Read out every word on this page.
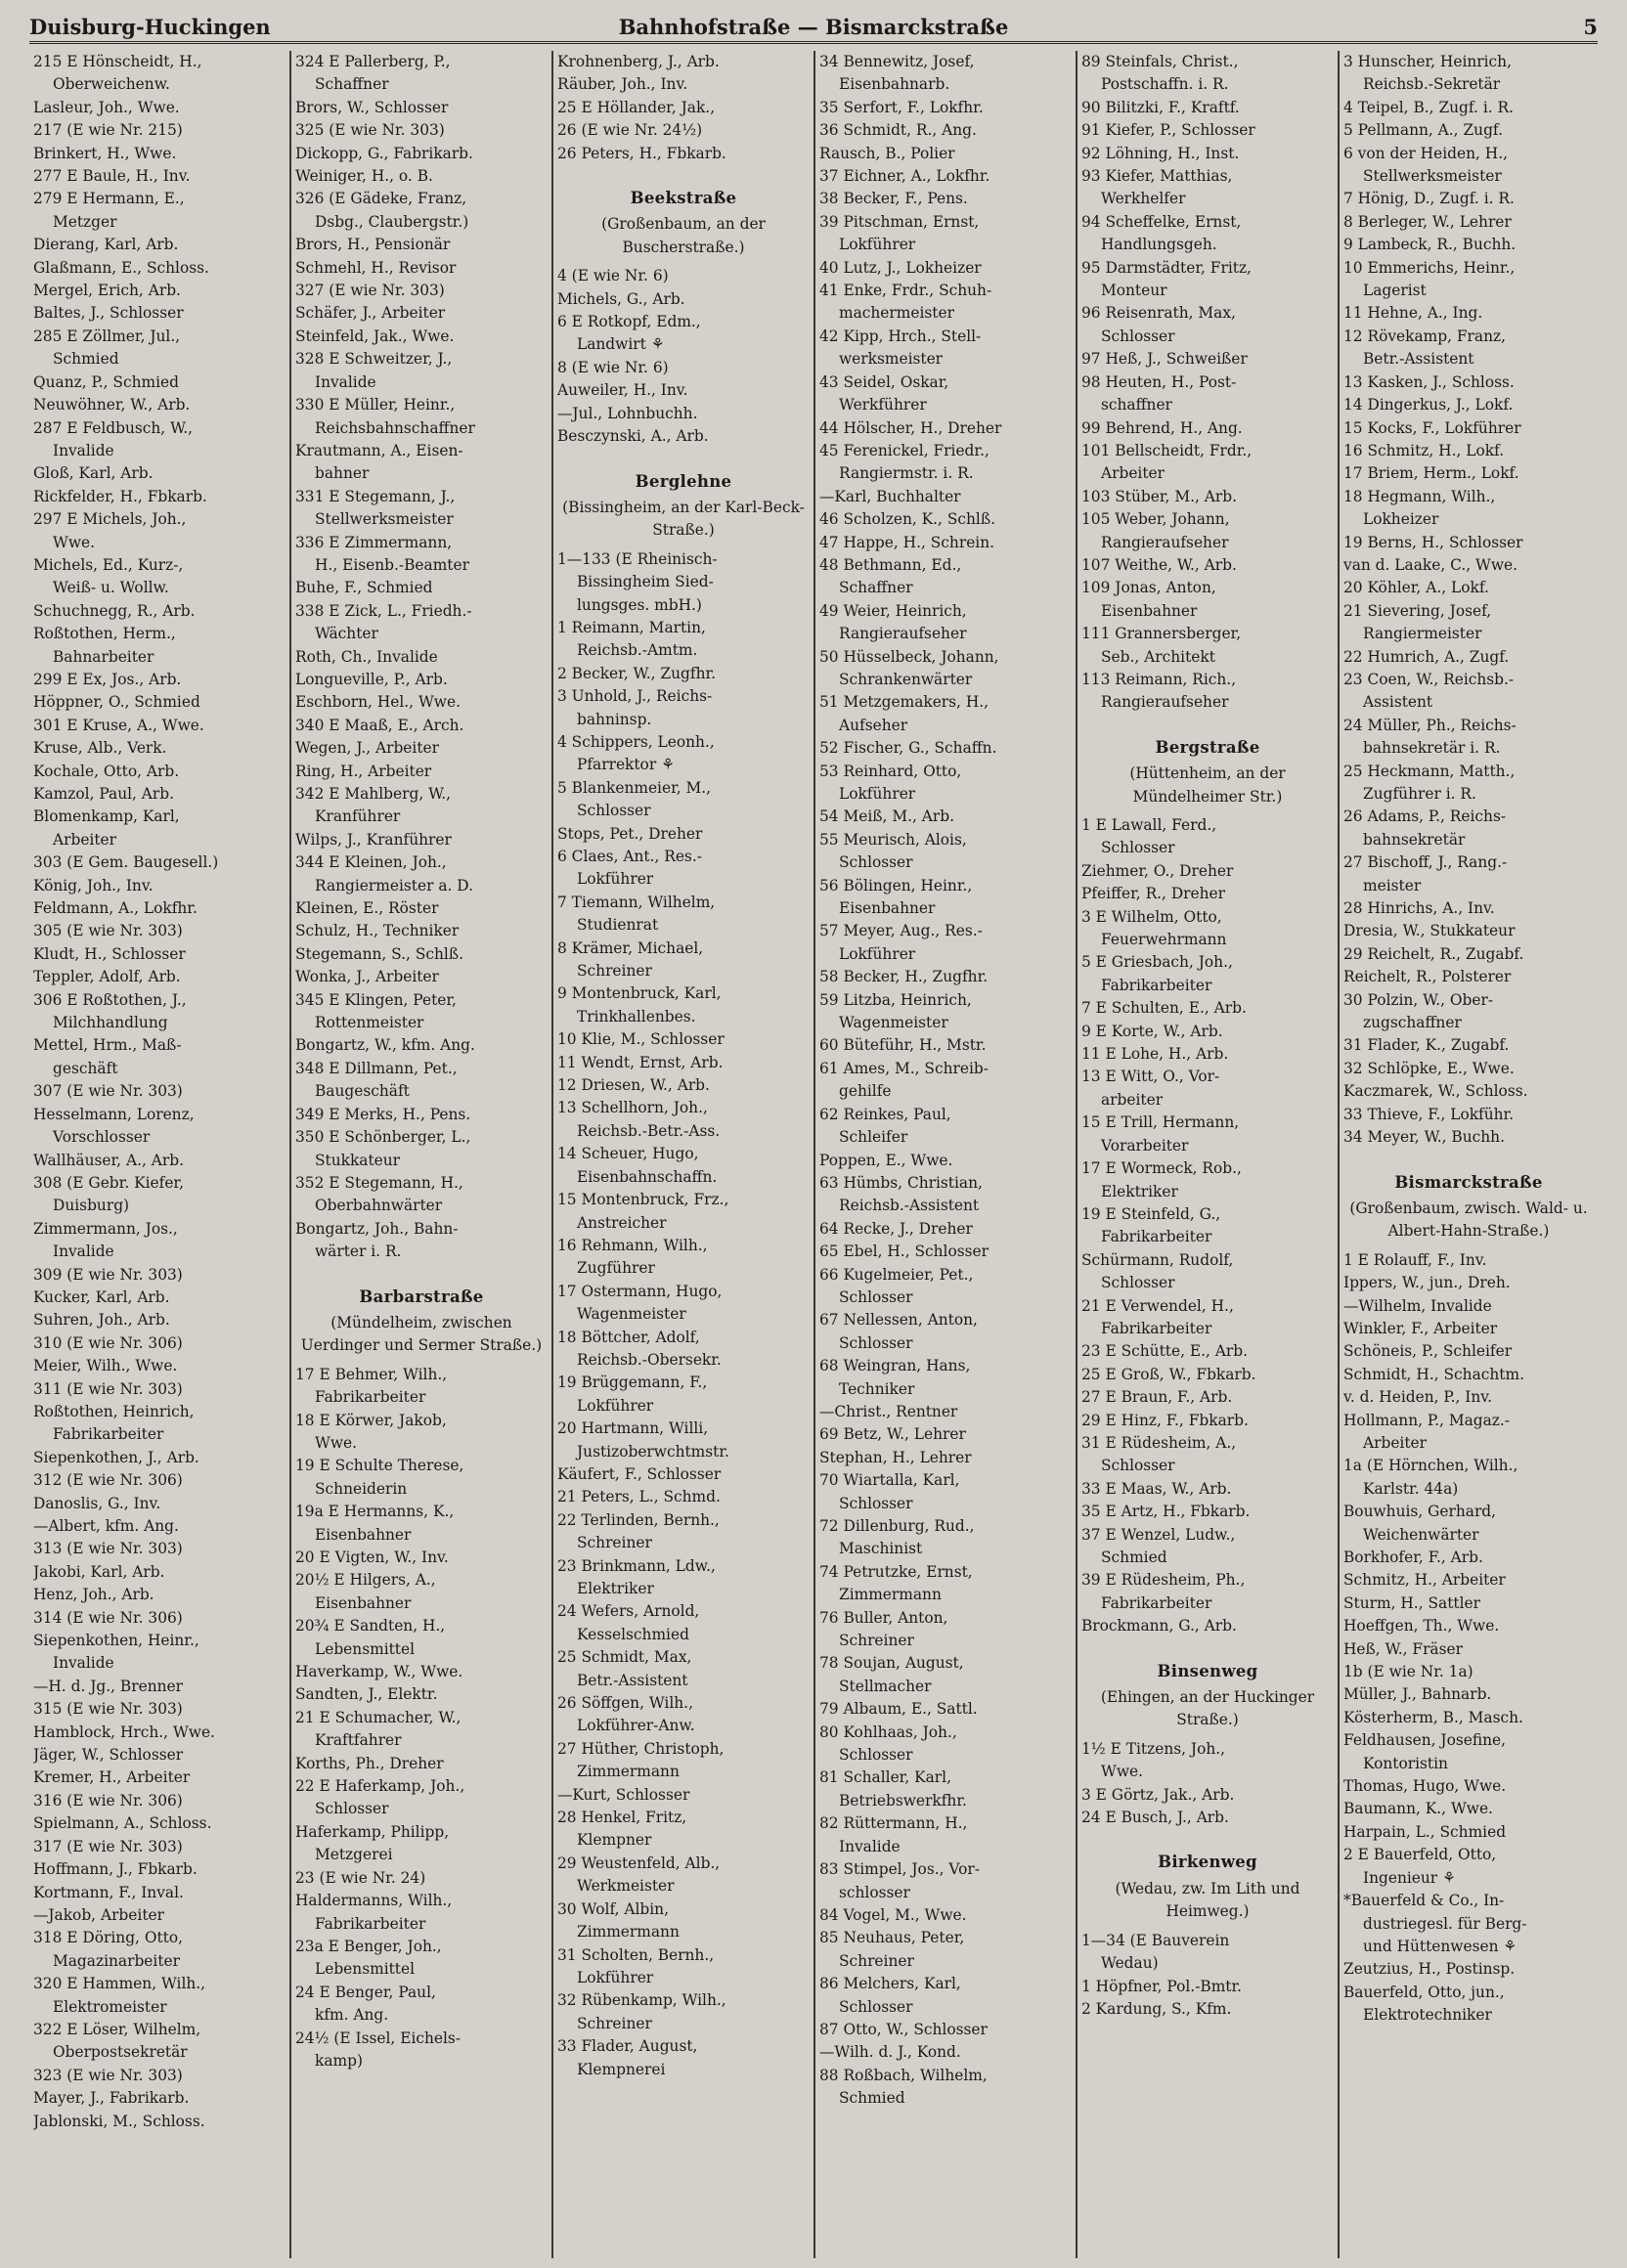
Duisburg-Huckingen	Bahnhofstraße — Bismarckstraße	5
215 E Hönscheidt, H.,
Oberweichenw.
Lasleur, Joh., Wwe.
217 (E wie Nr. 215)
Brinkert, H., Wwe.
277 E Baule, H., Inv.
279 E Hermann, E.,
Metzger
Dierang, Karl, Arb.
Glaßmann, E., Schloss.
Mergel, Erich, Arb.
Baltes, J., Schlosser
285 E Zöllmer, Jul.,
Schmied
Quanz, P., Schmied
Neuwöhner, W., Arb.
287 E Feldbusch, W.,
Invalide
Gloß, Karl, Arb.
Rickfelder, H., Fbkarb.
297 E Michels, Joh.,
Wwe.
Michels, Ed., Kurz-,
Weiß- u. Wollw.
Schuchnegg, R., Arb.
Roßtothen, Herm.,
Bahnarbeiter
299 E Ex, Jos., Arb.
Höppner, O., Schmied
301 E Kruse, A., Wwe.
Kruse, Alb., Verk.
Kochale, Otto, Arb.
Kamzol, Paul, Arb.
Blomenkamp, Karl,
Arbeiter
303 (E Gem. Baugesell.)
König, Joh., Inv.
Feldmann, A., Lokfhr.
305 (E wie Nr. 303)
Kludt, H., Schlosser
Teppler, Adolf, Arb.
306 E Roßtothen, J.,
Milchhandlung
Mettel, Hrm., Maß-
geschäft
307 (E wie Nr. 303)
Hesselmann, Lorenz,
Vorschlosser
Wallhäuser, A., Arb.
308 (E Gebr. Kiefer,
Duisburg)
Zimmermann, Jos.,
Invalide
309 (E wie Nr. 303)
Kucker, Karl, Arb.
Suhren, Joh., Arb.
310 (E wie Nr. 306)
Meier, Wilh., Wwe.
311 (E wie Nr. 303)
Roßtothen, Heinrich,
Fabrikarbeiter
Siepenkothen, J., Arb.
312 (E wie Nr. 306)
Danoslis, G., Inv.
—Albert, kfm. Ang.
313 (E wie Nr. 303)
Jakobi, Karl, Arb.
Henz, Joh., Arb.
314 (E wie Nr. 306)
Siepenkothen, Heinr.,
Invalide
—H. d. Jg., Brenner
315 (E wie Nr. 303)
Hamblock, Hrch., Wwe.
Jäger, W., Schlosser
Kremer, H., Arbeiter
316 (E wie Nr. 306)
Spielmann, A., Schloss.
317 (E wie Nr. 303)
Hoffmann, J., Fbkarb.
Kortmann, F., Inval.
—Jakob, Arbeiter
318 E Döring, Otto,
Magazinarbeiter
320 E Hammen, Wilh.,
Elektromeister
322 E Löser, Wilhelm,
Oberpostsekretär
323 (E wie Nr. 303)
Mayer, J., Fabrikarb.
Jablonski, M., Schloss.
324 E Pallerberg, P.,
Schaffner
Brors, W., Schlosser
325 (E wie Nr. 303)
Dickopp, G., Fabrikarb.
Weiniger, H., o. B.
326 (E Gädeke, Franz,
Dsbg., Claubergstr.)
Brors, H., Pensionär
Schmehl, H., Revisor
327 (E wie Nr. 303)
Schäfer, J., Arbeiter
Steinfeld, Jak., Wwe.
328 E Schweitzer, J.,
Invalide
330 E Müller, Heinr.,
Reichsbahnschaffner
Krautmann, A., Eisen-
bahner
331 E Stegemann, J.,
Stellwerksmeister
336 E Zimmermann,
H., Eisenb.-Beamter
Buhe, F., Schmied
338 E Zick, L., Friedh.-
Wächter
Roth, Ch., Invalide
Longueville, P., Arb.
Eschborn, Hel., Wwe.
340 E Maaß, E., Arch.
Wegen, J., Arbeiter
Ring, H., Arbeiter
342 E Mahlberg, W.,
Kranführer
Wilps, J., Kranführer
344 E Kleinen, Joh.,
Rangiermeister a. D.
Kleinen, E., Röster
Schulz, H., Techniker
Stegemann, S., Schlß.
Wonka, J., Arbeiter
345 E Klingen, Peter,
Rottenmeister
Bongartz, W., kfm. Ang.
348 E Dillmann, Pet.,
Baugeschäft
349 E Merks, H., Pens.
350 E Schönberger, L.,
Stukkateur
352 E Stegemann, H.,
Oberbahnwärter
Bongartz, Joh., Bahn-
wärter i. R.
Barbarstraße
(Mündelheim, zwischen Uerdinger und Sermer Straße.)
17 E Behmer, Wilh.,
Fabrikarbeiter
18 E Körwer, Jakob,
Wwe.
19 E Schulte Therese,
Schneiderin
19a E Hermanns, K.,
Eisenbahner
20 E Vigten, W., Inv.
20½ E Hilgers, A.,
Eisenbahner
20¾ E Sandten, H.,
Lebensmittel
Haverkamp, W., Wwe.
Sandten, J., Elektr.
21 E Schumacher, W.,
Kraftfahrer
Korths, Ph., Dreher
22 E Haferkamp, Joh.,
Schlosser
Haferkamp, Philipp,
Metzgerei
23 (E wie Nr. 24)
Haldermanns, Wilh.,
Fabrikarbeiter
23a E Benger, Joh.,
Lebensmittel
24 E Benger, Paul,
kfm. Ang.
24½ (E Issel, Eichels-
kamp)
Krohnenberg, J., Arb.
Räuber, Joh., Inv.
25 E Höllander, Jak.,
26 (E wie Nr. 24½)
26 Peters, H., Fbkarb.
Beekstraße
(Großenbaum, an der Buscherstraße.)
4 (E wie Nr. 6)
Michels, G., Arb.
6 E Rotkopf, Edm.,
Landwirt ⚘
8 (E wie Nr. 6)
Auweiler, H., Inv.
—Jul., Lohnbuchh.
Besczynski, A., Arb.
Berglehne
(Bissingheim, an der Karl-Beck-Straße.)
1—133 (E Rheinisch-
Bissingheim Sied-
lungsges. mbH.)
1 Reimann, Martin,
Reichsb.-Amtm.
2 Becker, W., Zugfhr.
3 Unhold, J., Reichs-
bahninsp.
4 Schippers, Leonh.,
Pfarrektor ⚘
5 Blankenmeier, M.,
Schlosser
Stops, Pet., Dreher
6 Claes, Ant., Res.-
Lokführer
7 Tiemann, Wilhelm,
Studienrat
8 Krämer, Michael,
Schreiner
9 Montenbruck, Karl,
Trinkhallenbes.
10 Klie, M., Schlosser
11 Wendt, Ernst, Arb.
12 Driesen, W., Arb.
13 Schellhorn, Joh.,
Reichsb.-Betr.-Ass.
14 Scheuer, Hugo,
Eisenbahnschaffn.
15 Montenbruck, Frz.,
Anstreicher
16 Rehmann, Wilh.,
Zugführer
17 Ostermann, Hugo,
Wagenmeister
18 Böttcher, Adolf,
Reichsb.-Obersekr.
19 Brüggemann, F.,
Lokführer
20 Hartmann, Willi,
Justizoberwchtmstr.
Käufert, F., Schlosser
21 Peters, L., Schmd.
22 Terlinden, Bernh.,
Schreiner
23 Brinkmann, Ldw.,
Elektriker
24 Wefers, Arnold,
Kesselschmied
25 Schmidt, Max,
Betr.-Assistent
26 Söffgen, Wilh.,
Lokführer-Anw.
27 Hüther, Christoph,
Zimmermann
—Kurt, Schlosser
28 Henkel, Fritz,
Klempner
29 Weustenfeld, Alb.,
Werkmeister
30 Wolf, Albin,
Zimmermann
31 Scholten, Bernh.,
Lokführer
32 Rübenkamp, Wilh.,
Schreiner
33 Flader, August,
Klempnerei
34 Bennewitz, Josef,
Eisenbahnarb.
35 Serfort, F., Lokfhr.
36 Schmidt, R., Ang.
Rausch, B., Polier
37 Eichner, A., Lokfhr.
38 Becker, F., Pens.
39 Pitschman, Ernst,
Lokführer
40 Lutz, J., Lokheizer
41 Enke, Frdr., Schuh-
machermeister
42 Kipp, Hrch., Stell-
werksmeister
43 Seidel, Oskar,
Werkführer
44 Hölscher, H., Dreher
45 Ferenickel, Friedr.,
Rangiermstr. i. R.
—Karl, Buchhalter
46 Scholzen, K., Schlß.
47 Happe, H., Schrein.
48 Bethmann, Ed.,
Schaffner
49 Weier, Heinrich,
Rangieraufseher
50 Hüsselbeck, Johann,
Schrankenwärter
51 Metzgemakers, H.,
Aufseher
52 Fischer, G., Schaffn.
53 Reinhard, Otto,
Lokführer
54 Meiß, M., Arb.
55 Meurisch, Alois,
Schlosser
56 Bölingen, Heinr.,
Eisenbahner
57 Meyer, Aug., Res.-
Lokführer
58 Becker, H., Zugfhr.
59 Litzba, Heinrich,
Wagenmeister
60 Büteführ, H., Mstr.
61 Ames, M., Schreib-
gehilfe
62 Reinkes, Paul,
Schleifer
Poppen, E., Wwe.
63 Hümbs, Christian,
Reichsb.-Assistent
64 Recke, J., Dreher
65 Ebel, H., Schlosser
66 Kugelmeier, Pet.,
Schlosser
67 Nellessen, Anton,
Schlosser
68 Weingran, Hans,
Techniker
—Christ., Rentner
69 Betz, W., Lehrer
Stephan, H., Lehrer
70 Wiartalla, Karl,
Schlosser
72 Dillenburg, Rud.,
Maschinist
74 Petrutzke, Ernst,
Zimmermann
76 Buller, Anton,
Schreiner
78 Soujan, August,
Stellmacher
79 Albaum, E., Sattl.
80 Kohlhaas, Joh.,
Schlosser
81 Schaller, Karl,
Betriebswerkfhr.
82 Rüttermann, H.,
Invalide
83 Stimpel, Jos., Vor-
schlosser
84 Vogel, M., Wwe.
85 Neuhaus, Peter,
Schreiner
86 Melchers, Karl,
Schlosser
87 Otto, W., Schlosser
—Wilh. d. J., Kond.
88 Roßbach, Wilhelm,
Schmied
89 Steinfals, Christ.,
Postschaffn. i. R.
90 Bilitzki, F., Kraftf.
91 Kiefer, P., Schlosser
92 Löhning, H., Inst.
93 Kiefer, Matthias,
Werkhelfer
94 Scheffelke, Ernst,
Handlungsgeh.
95 Darmstädter, Fritz,
Monteur
96 Reisenrath, Max,
Schlosser
97 Heß, J., Schweißer
98 Heuten, H., Post-
schaffner
99 Behrend, H., Ang.
101 Bellscheidt, Frdr.,
Arbeiter
103 Stüber, M., Arb.
105 Weber, Johann,
Rangieraufseher
107 Weithe, W., Arb.
109 Jonas, Anton,
Eisenbahner
111 Grannersberger,
Seb., Architekt
113 Reimann, Rich.,
Rangieraufseher
Bergstraße
(Hüttenheim, an der Mündelheimer Str.)
1 E Lawall, Ferd.,
Schlosser
Ziehmer, O., Dreher
Pfeiffer, R., Dreher
3 E Wilhelm, Otto,
Feuerwehrmann
5 E Griesbach, Joh.,
Fabrikarbeiter
7 E Schulten, E., Arb.
9 E Korte, W., Arb.
11 E Lohe, H., Arb.
13 E Witt, O., Vor-
arbeiter
15 E Trill, Hermann,
Vorarbeiter
17 E Wormeck, Rob.,
Elektriker
19 E Steinfeld, G.,
Fabrikarbeiter
Schürmann, Rudolf,
Schlosser
21 E Verwendel, H.,
Fabrikarbeiter
23 E Schütte, E., Arb.
25 E Groß, W., Fbkarb.
27 E Braun, F., Arb.
29 E Hinz, F., Fbkarb.
31 E Rüdesheim, A.,
Schlosser
33 E Maas, W., Arb.
35 E Artz, H., Fbkarb.
37 E Wenzel, Ludw.,
Schmied
39 E Rüdesheim, Ph.,
Fabrikarbeiter
Brockmann, G., Arb.
Binsenweg
(Ehingen, an der Huckinger Straße.)
1½ E Titzens, Joh.,
Wwe.
3 E Görtz, Jak., Arb.
24 E Busch, J., Arb.
Birkenweg
(Wedau, zw. Im Lith und Heimweg.)
1—34 (E Bauverein
Wedau)
1 Höpfner, Pol.-Bmtr.
2 Kardung, S., Kfm.
3 Hunscher, Heinrich,
Reichsb.-Sekretär
4 Teipel, B., Zugf. i. R.
5 Pellmann, A., Zugf.
6 von der Heiden, H.,
Stellwerksmeister
7 Hönig, D., Zugf. i. R.
8 Berleger, W., Lehrer
9 Lambeck, R., Buchh.
10 Emmerichs, Heinr.,
Lagerist
11 Hehne, A., Ing.
12 Rövekamp, Franz,
Betr.-Assistent
13 Kasken, J., Schloss.
14 Dingerkus, J., Lokf.
15 Kocks, F., Lokführer
16 Schmitz, H., Lokf.
17 Briem, Herm., Lokf.
18 Hegmann, Wilh.,
Lokheizer
19 Berns, H., Schlosser
van d. Laake, C., Wwe.
20 Köhler, A., Lokf.
21 Sievering, Josef,
Rangiermeister
22 Humrich, A., Zugf.
23 Coen, W., Reichsb.-
Assistent
24 Müller, Ph., Reichs-
bahnsekretär i. R.
25 Heckmann, Matth.,
Zugführer i. R.
26 Adams, P., Reichs-
bahnsekretär
27 Bischoff, J., Rang.-
meister
28 Hinrichs, A., Inv.
Dresia, W., Stukkateur
29 Reichelt, R., Zugabf.
Reichelt, R., Polsterer
30 Polzin, W., Ober-
zugschaffner
31 Flader, K., Zugabf.
32 Schlöpke, E., Wwe.
Kaczmarek, W., Schloss.
33 Thieve, F., Lokführ.
34 Meyer, W., Buchh.
Bismarckstraße
(Großenbaum, zwisch. Wald- u. Albert-Hahn-Straße.)
1 E Rolauff, F., Inv.
Ippers, W., jun., Dreh.
—Wilhelm, Invalide
Winkler, F., Arbeiter
Schöneis, P., Schleifer
Schmidt, H., Schachtm.
v. d. Heiden, P., Inv.
Hollmann, P., Magaz.-
Arbeiter
1a (E Hörnchen, Wilh.,
Karlstr. 44a)
Bouwhuis, Gerhard,
Weichenwärter
Borkhofer, F., Arb.
Schmitz, H., Arbeiter
Sturm, H., Sattler
Hoeffgen, Th., Wwe.
Heß, W., Fräser
1b (E wie Nr. 1a)
Müller, J., Bahnarb.
Kösterherm, B., Masch.
Feldhausen, Josefine,
Kontoristin
Thomas, Hugo, Wwe.
Baumann, K., Wwe.
Harpain, L., Schmied
2 E Bauerfeld, Otto,
Ingenieur ⚘
*Bauerfeld & Co., In-
dustriegesl. für Berg-
und Hüttenwesen ⚘
Zeutzius, H., Postinsp.
Bauerfeld, Otto, jun.,
Elektrotechniker
